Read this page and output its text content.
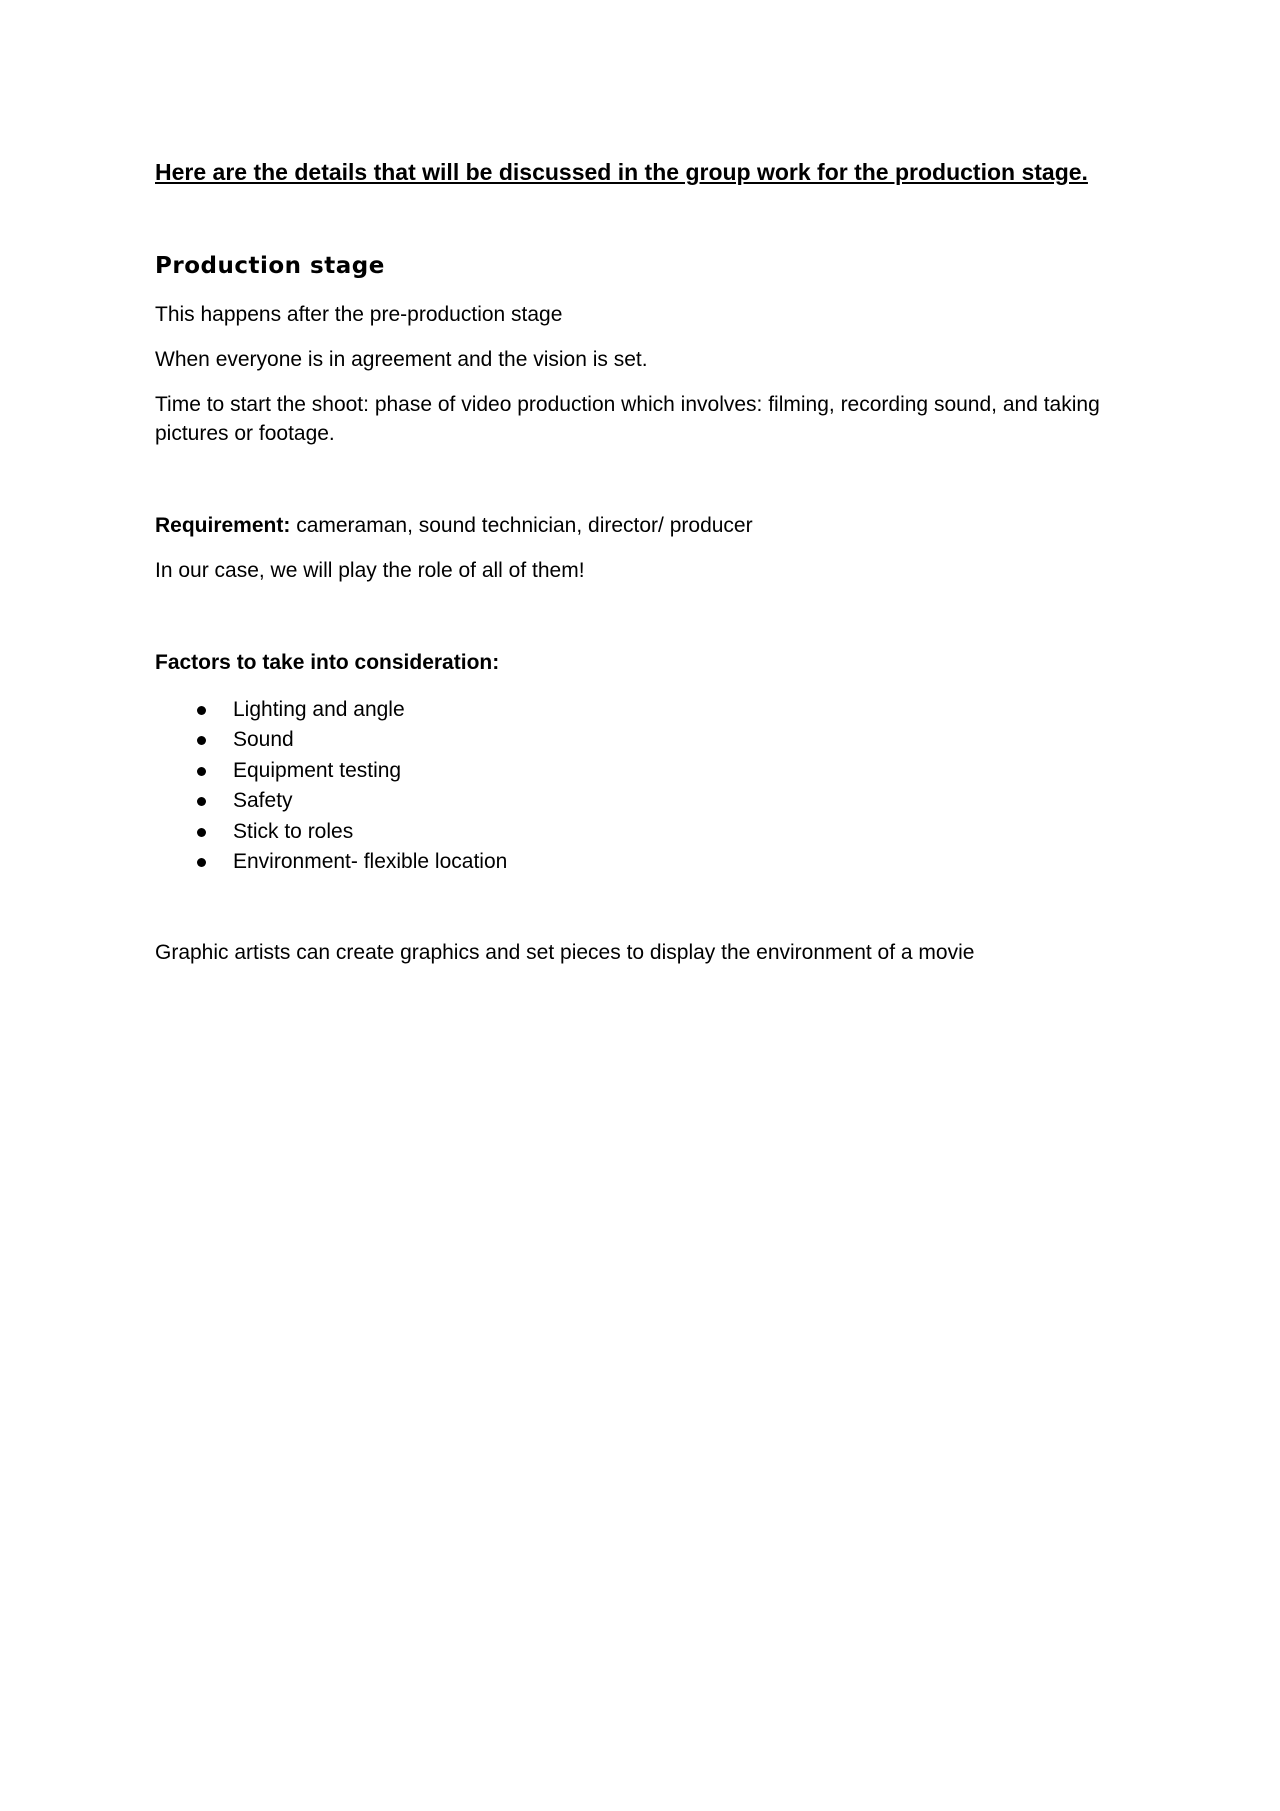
Here are the details that will be discussed in the group work for the production stage.
Production stage

This happens after the pre-production stage

When everyone is in agreement and the vision is set.

Time to start the shoot: phase of video production which involves: filming, recording sound, and taking pictures or footage.

Requirement: cameraman, sound technician, director/ producer

In our case, we will play the role of all of them!

Factors to take into consideration:
Lighting and angle
Sound
Equipment testing
Safety
Stick to roles
Environment- flexible location

Graphic artists can create graphics and set pieces to display the environment of a movie
